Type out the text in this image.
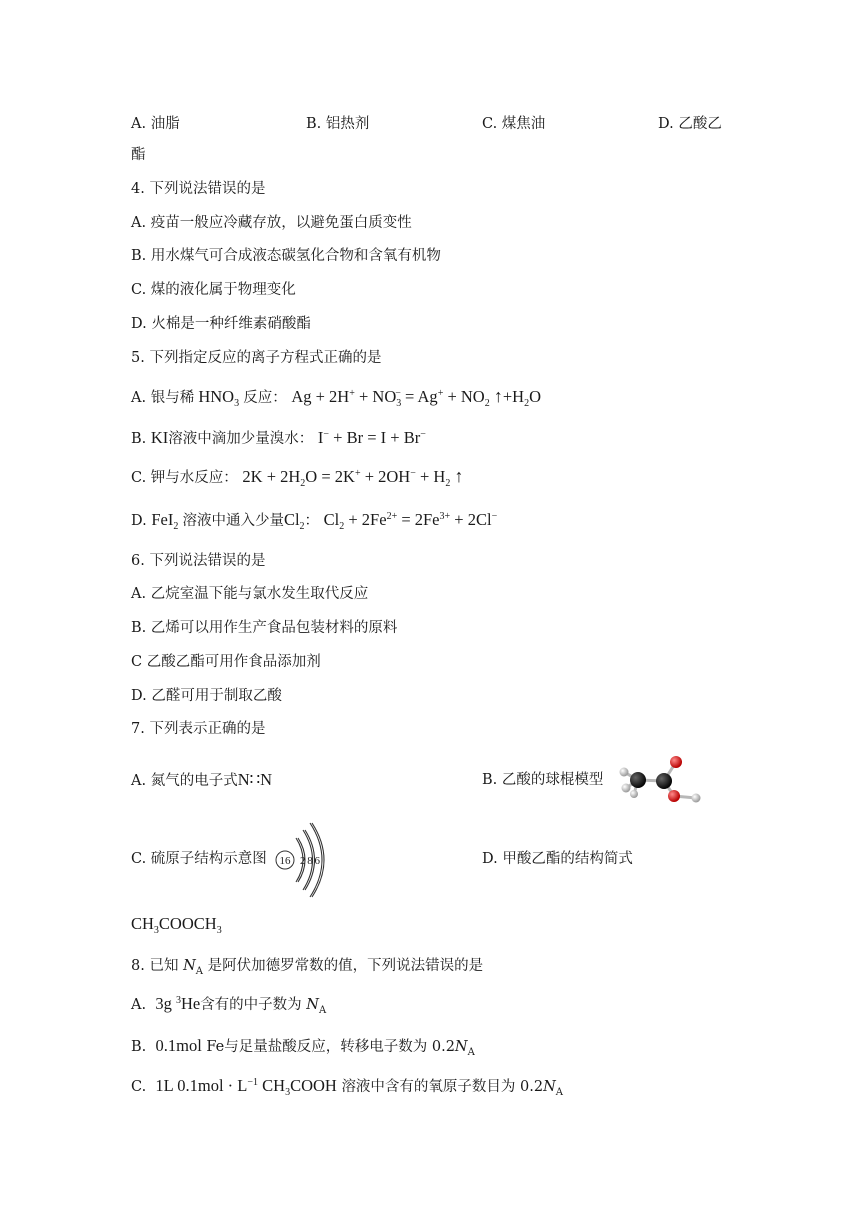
A. 油脂	B. 铝热剂	C. 煤焦油	D. 乙酸乙
酯
4. 下列说法错误的是
A. 疫苗一般应冷藏存放，以避免蛋白质变性
B. 用水煤气可合成液态碳氢化合物和含氧有机物
C. 煤的液化属于物理变化
D. 火棉是一种纤维素硝酸酯
5. 下列指定反应的离子方程式正确的是
A. 银与稀 $HNO_3$ 反应： $Ag + 2H^+ + NO_3^- = Ag^+ + NO_2$ $↑+H_2O$
B. KI溶液中滴加少量溴水： I− + Br = I + Br−
C. 钾与水反应： $2K + 2H_2O = 2K^+ + 2OH^- + H_2$ ↑
D. FeI$_2$ 溶液中通入少量$Cl_2$： $Cl_2 + 2Fe^{2+} = 2Fe^{3+} + 2Cl^-$
6. 下列说法错误的是
A. 乙烷室温下能与氯水发生取代反应
B. 乙烯可以用作生产食品包装材料的原料
C 乙酸乙酯可用作食品添加剂
D. 乙醛可用于制取乙酸
7. 下列表示正确的是
A. 氮气的电子式N∷N	B. 乙酸的球棍模型
C. 硫原子结构示意图 16 2 8 6	D. 甲酸乙酯的结构简式
$CH_3COOCH_3$
8. 已知 $N_A$ 是阿伏加德罗常数的值，下列说法错误的是
A. 3g $^3$He含有的中子数为 $N_A$
B. 0.1mol Fe与足量盐酸反应，转移电子数为 $0.2N_A$
C. 1L $0.1mol \cdot L^{-1}$ $CH_3COOH$ 溶液中含有的氧原子数目为 $0.2N_A$
